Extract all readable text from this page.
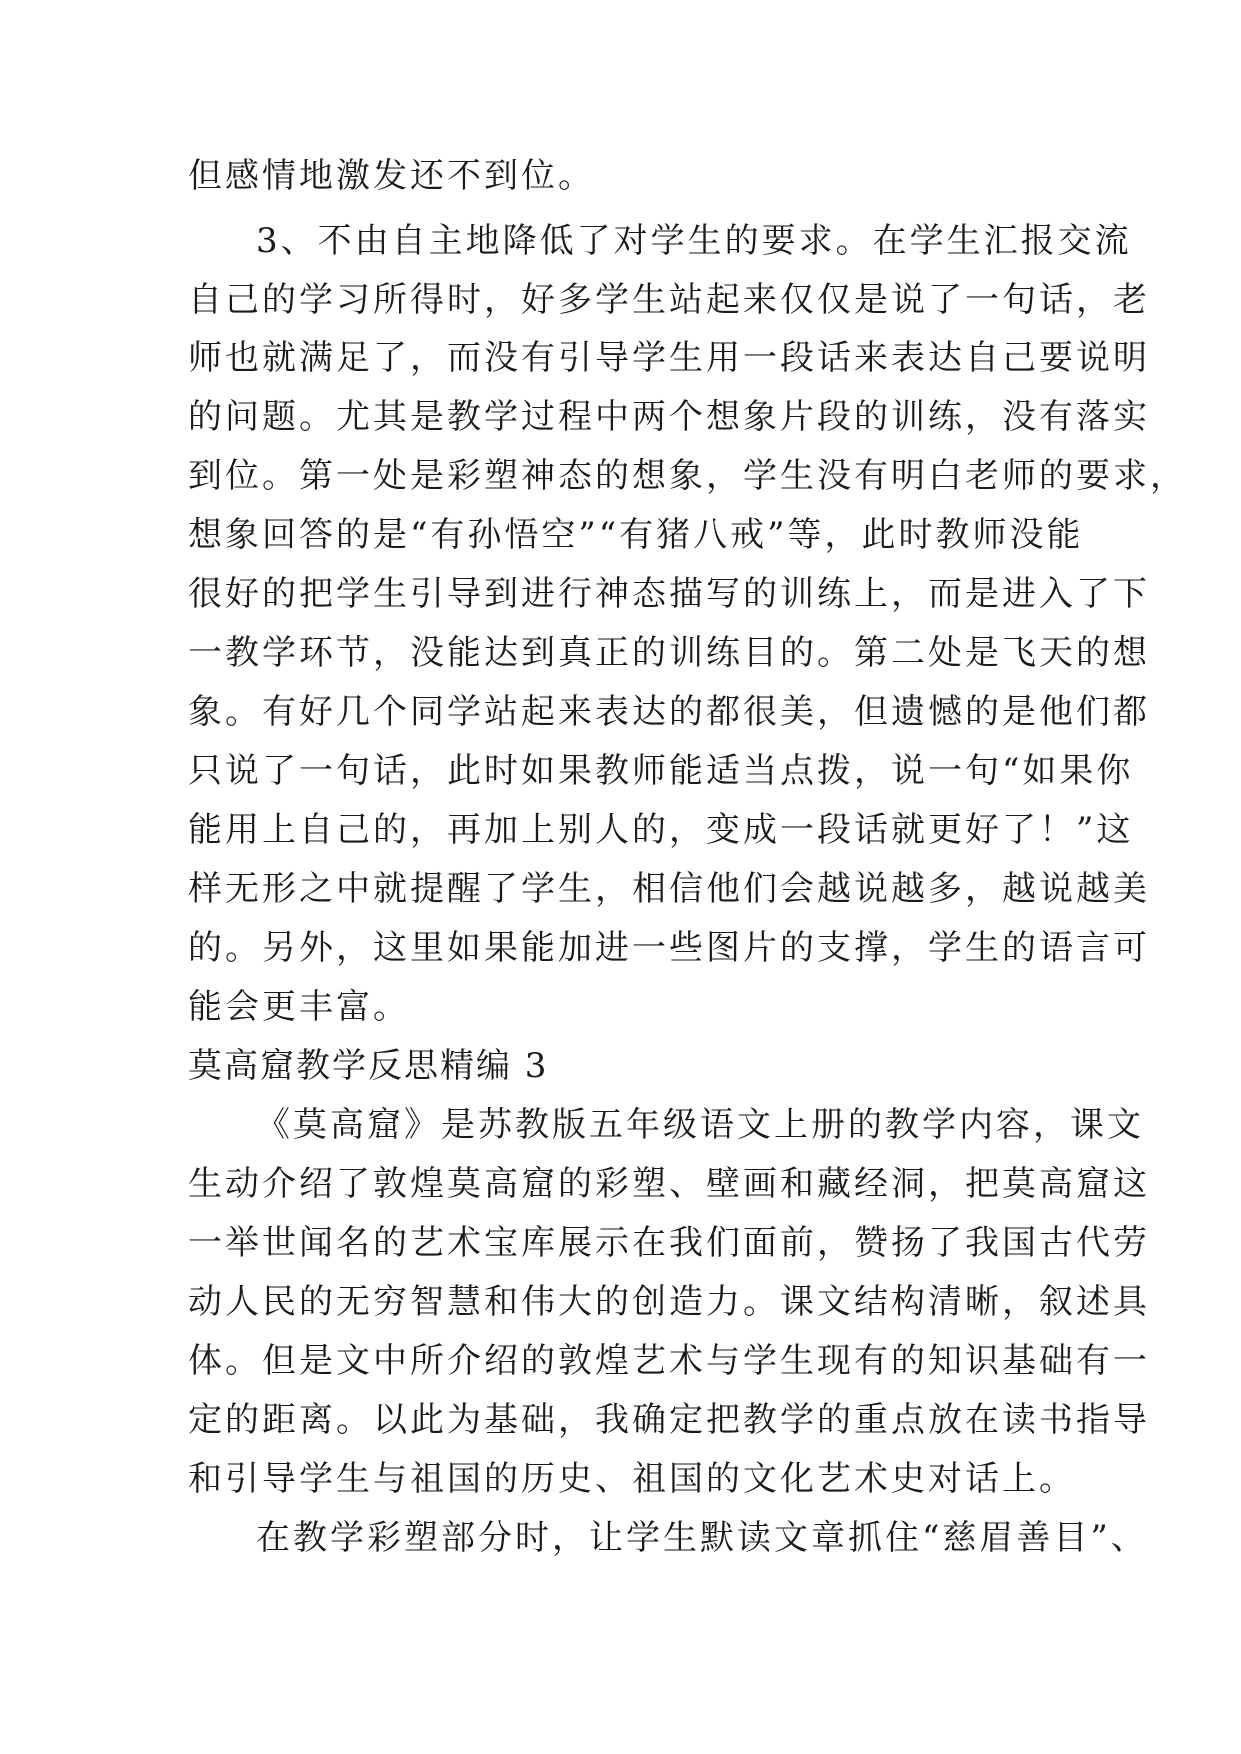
但感情地激发还不到位。
3、不由自主地降低了对学生的要求。在学生汇报交流
自己的学习所得时，好多学生站起来仅仅是说了一句话，老
师也就满足了，而没有引导学生用一段话来表达自己要说明
的问题。尤其是教学过程中两个想象片段的训练，没有落实
到位。第一处是彩塑神态的想象，学生没有明白老师的要求，
想象回答的是“有孙悟空”“有猪八戒”等，此时教师没能
很好的把学生引导到进行神态描写的训练上，而是进入了下
一教学环节，没能达到真正的训练目的。第二处是飞天的想
象。有好几个同学站起来表达的都很美，但遗憾的是他们都
只说了一句话，此时如果教师能适当点拨，说一句“如果你
能用上自己的，再加上别人的，变成一段话就更好了！”这
样无形之中就提醒了学生，相信他们会越说越多，越说越美
的。另外，这里如果能加进一些图片的支撑，学生的语言可
能会更丰富。
莫高窟教学反思精编 3
《莫高窟》是苏教版五年级语文上册的教学内容，课文
生动介绍了敦煌莫高窟的彩塑、壁画和藏经洞，把莫高窟这
一举世闻名的艺术宝库展示在我们面前，赞扬了我国古代劳
动人民的无穷智慧和伟大的创造力。课文结构清晰，叙述具
体。但是文中所介绍的敦煌艺术与学生现有的知识基础有一
定的距离。以此为基础，我确定把教学的重点放在读书指导
和引导学生与祖国的历史、祖国的文化艺术史对话上。
在教学彩塑部分时，让学生默读文章抓住“慈眉善目”、
